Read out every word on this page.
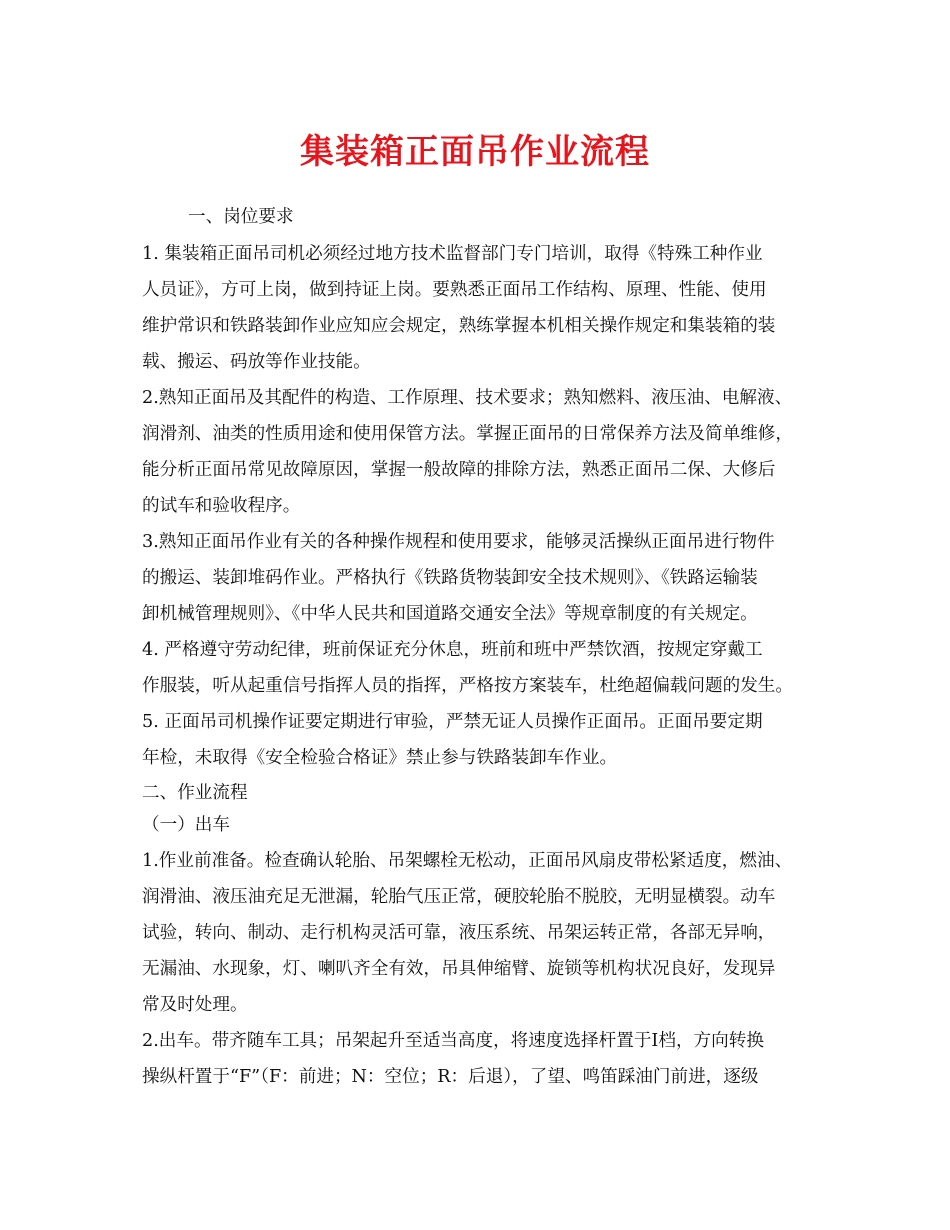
集装箱正面吊作业流程
一、岗位要求
1. 集装箱正面吊司机必须经过地方技术监督部门专门培训，取得《特殊工种作业
人员证》，方可上岗，做到持证上岗。要熟悉正面吊工作结构、原理、性能、使用
维护常识和铁路装卸作业应知应会规定，熟练掌握本机相关操作规定和集装箱的装
载、搬运、码放等作业技能。
2.熟知正面吊及其配件的构造、工作原理、技术要求；熟知燃料、液压油、电解液、
润滑剂、油类的性质用途和使用保管方法。掌握正面吊的日常保养方法及简单维修，
能分析正面吊常见故障原因，掌握一般故障的排除方法，熟悉正面吊二保、大修后
的试车和验收程序。
3.熟知正面吊作业有关的各种操作规程和使用要求，能够灵活操纵正面吊进行物件
的搬运、装卸堆码作业。严格执行《铁路货物装卸安全技术规则》、《铁路运输装
卸机械管理规则》、《中华人民共和国道路交通安全法》等规章制度的有关规定。
4. 严格遵守劳动纪律，班前保证充分休息，班前和班中严禁饮酒，按规定穿戴工
作服装，听从起重信号指挥人员的指挥，严格按方案装车，杜绝超偏载问题的发生。
5. 正面吊司机操作证要定期进行审验，严禁无证人员操作正面吊。正面吊要定期
年检，未取得《安全检验合格证》禁止参与铁路装卸车作业。
二、作业流程
（一）出车
1.作业前准备。检查确认轮胎、吊架螺栓无松动，正面吊风扇皮带松紧适度，燃油、
润滑油、液压油充足无泄漏，轮胎气压正常，硬胶轮胎不脱胶，无明显横裂。动车
试验，转向、制动、走行机构灵活可靠，液压系统、吊架运转正常，各部无异响，
无漏油、水现象，灯、喇叭齐全有效，吊具伸缩臂、旋锁等机构状况良好，发现异
常及时处理。
2.出车。带齐随车工具；吊架起升至适当高度，将速度选择杆置于Ⅰ档，方向转换
操纵杆置于“F”（F：前进；N：空位；R：后退），了望、鸣笛踩油门前进，逐级
